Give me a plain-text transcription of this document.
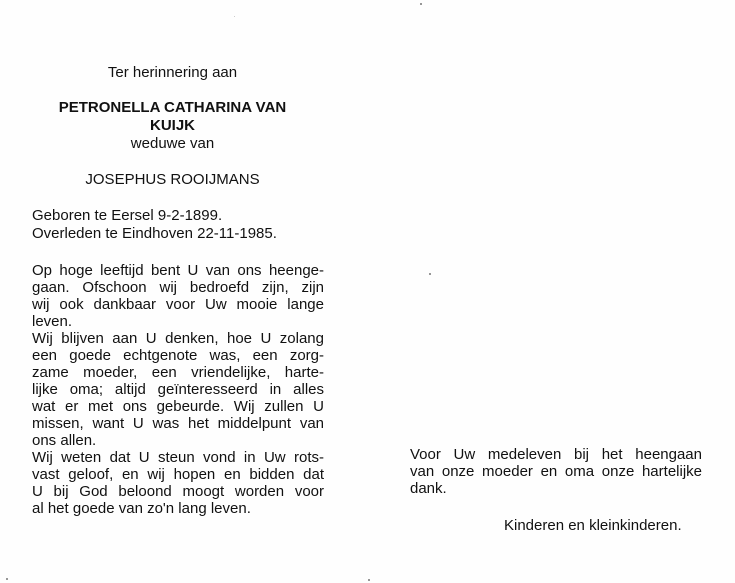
Ter herinnering aan
PETRONELLA CATHARINA VAN
KUIJK
weduwe van
JOSEPHUS ROOIJMANS
Geboren te Eersel 9-2-1899.
Overleden te Eindhoven 22-11-1985.
Op hoge leeftijd bent U van ons heenge-
gaan. Ofschoon wij bedroefd zijn, zijn
wij ook dankbaar voor Uw mooie lange
leven.
Wij blijven aan U denken, hoe U zolang
een goede echtgenote was, een zorg-
zame moeder, een vriendelijke, harte-
lijke oma; altijd geïnteresseerd in alles
wat er met ons gebeurde. Wij zullen U
missen, want U was het middelpunt van
ons allen.
Wij weten dat U steun vond in Uw rots-
vast geloof, en wij hopen en bidden dat
U bij God beloond moogt worden voor
al het goede van zo'n lang leven.
Voor Uw medeleven bij het heengaan
van onze moeder en oma onze hartelijke
dank.
Kinderen en kleinkinderen.
